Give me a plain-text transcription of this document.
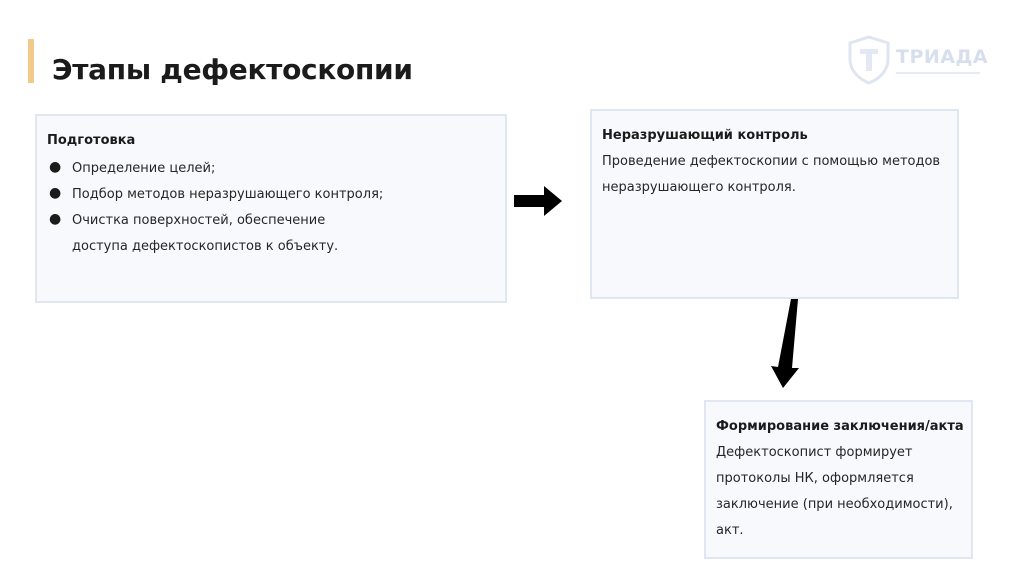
Этапы дефектоскопии	ТРИАДА
Подготовка
● Определение целей;
● Подбор методов неразрушающего контроля;
● Очистка поверхностей, обеспечение доступа дефектоскопистов к объекту.
Неразрушающий контроль
Проведение дефектоскопии с помощью методов неразрушающего контроля.
Формирование заключения/акта
Дефектоскопист формирует протоколы НК, оформляется заключение (при необходимости), акт.
